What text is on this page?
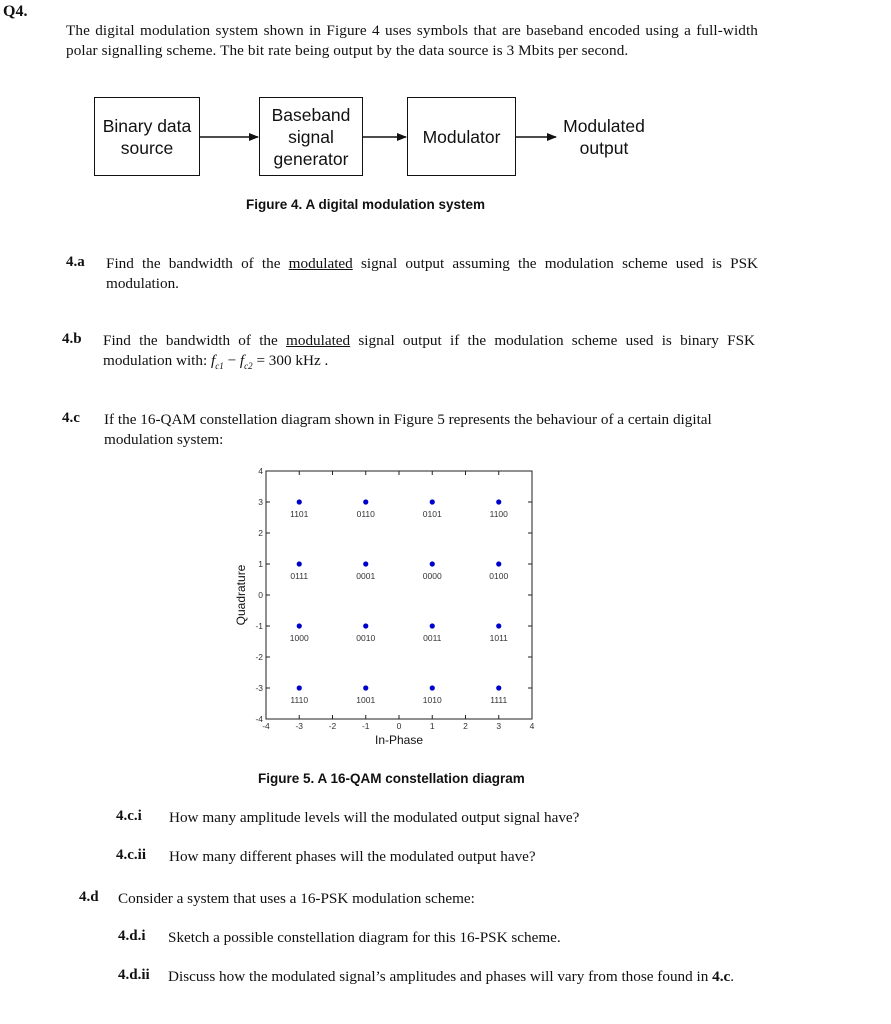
Q4.
The digital modulation system shown in Figure 4 uses symbols that are baseband encoded using a full-width polar signalling scheme. The bit rate being output by the data source is 3 Mbits per second.
Binary data
source
Baseband
signal
generator
Modulator
Modulated
output
Figure 4. A digital modulation system
4.a Find the bandwidth of the modulated signal output assuming the modulation scheme used is PSK modulation.
4.b Find the bandwidth of the modulated signal output if the modulation scheme used is binary FSK modulation with: $f_{c1} - f_{c2} = 300$ kHz .
4.c If the 16-QAM constellation diagram shown in Figure 5 represents the behaviour of a certain digital modulation system:
-4	-3	-2	-1	0	1	2	3	4
-4
-3
-2
-1
0
1
2
3
4
1101	0110	0101	1100
0111	0001	0000	0100
1000	0010	0011	1011
1110	1001	1010	1111
In-Phase
Quadrature
Figure 5. A 16-QAM constellation diagram
4.c.i How many amplitude levels will the modulated output signal have?
4.c.ii How many different phases will the modulated output have?
4.d Consider a system that uses a 16-PSK modulation scheme:
4.d.i Sketch a possible constellation diagram for this 16-PSK scheme.
4.d.ii Discuss how the modulated signal’s amplitudes and phases will vary from those found in 4.c.
